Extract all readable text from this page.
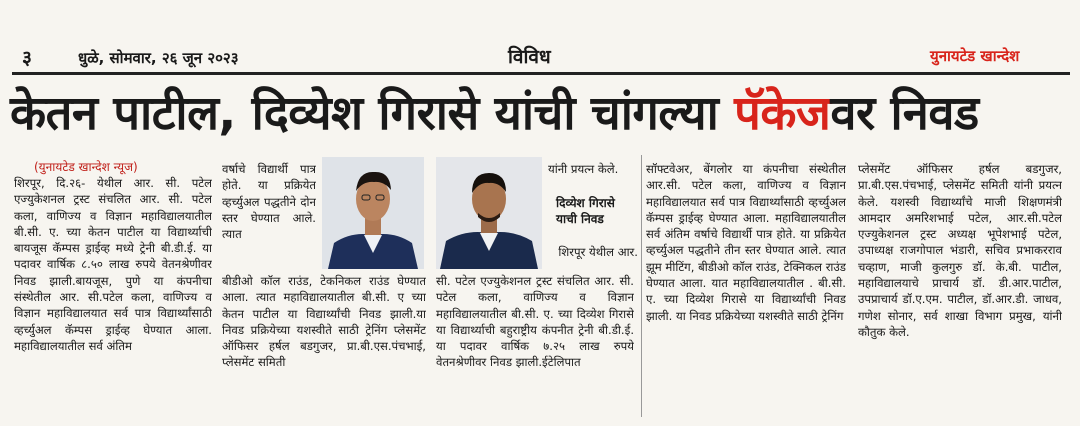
३	धुळे, सोमवार, २६ जून २०२३	विविध	युनायटेड खान्देश
केतन पाटील, दिव्येश गिरासे यांची चांगल्या पॅकेजवर निवड
(युनायटेड खान्देश न्यूज)
शिरपूर, दि.२६- येथील आर. सी. पटेल एज्युकेशनल ट्रस्ट संचलित आर. सी. पटेल कला, वाणिज्य व विज्ञान महाविद्यालयातील बी.सी. ए. च्या केतन पाटील या विद्यार्थ्याची बायजूस कॅम्पस ड्राईव्ह मध्ये ट्रेनी बी.डी.ई. या पदावर वार्षिक ८.५० लाख रुपये वेतनश्रेणीवर निवड झाली.बायजूस, पुणे या कंपनीचा संस्थेतील आर. सी.पटेल कला, वाणिज्य व विज्ञान महाविद्यालयात सर्व पात्र विद्यार्थ्यांसाठी व्हर्च्युअल कॅम्पस ड्राईव्ह घेण्यात आला. महाविद्यालयातील सर्व अंतिम
वर्षाचे विद्यार्थी पात्र होते. या प्रक्रियेत व्हर्च्युअल पद्धतीने दोन स्तर घेण्यात आले. त्यात
बीडीओ कॉल राउंड, टेकनिकल राउंड घेण्यात आला. त्यात महाविद्यालयातील बी.सी. ए च्या केतन पाटील या विद्यार्थ्यांची निवड झाली.या निवड प्रक्रियेच्या यशस्वीते साठी ट्रेनिंग प्लेसमेंट ऑफिसर हर्षल बडगुजर, प्रा.बी.एस.पंचभाई, प्लेसमेंट समिती
यांनी प्रयत्न केले.
दिव्येश गिरासे याची निवड
शिरपूर येथील आर.
सी. पटेल एज्युकेशनल ट्रस्ट संचलित आर. सी. पटेल कला, वाणिज्य व विज्ञान महाविद्यालयातील बी.सी. ए. च्या दिव्येश गिरासे या विद्यार्थ्याची बहुराष्ट्रीय कंपनीत ट्रेनी बी.डी.ई. या पदावर वार्षिक ७.२५ लाख रुपये वेतनश्रेणीवर निवड झाली.ईटेलिपात
सॉफ्टवेअर, बेंगलोर या कंपनीचा संस्थेतील आर.सी. पटेल कला, वाणिज्य व विज्ञान महाविद्यालयात सर्व पात्र विद्यार्थ्यांसाठी व्हर्च्युअल कॅम्पस ड्राईव्ह घेण्यात आला. महाविद्यालयातील सर्व अंतिम वर्षाचे विद्यार्थी पात्र होते. या प्रक्रियेत व्हर्च्युअल पद्धतीने तीन स्तर घेण्यात आले. त्यात झूम मीटिंग, बीडीओ कॉल राउंड, टेक्निकल राउंड घेण्यात आला. यात महाविद्यालयातील . बी.सी. ए. च्या दिव्येश गिरासे या विद्यार्थ्यांची निवड झाली. या निवड प्रक्रियेच्या यशस्वीते साठी ट्रेनिंग
प्लेसमेंट ऑफिसर हर्षल बडगुजर, प्रा.बी.एस.पंचभाई, प्लेसमेंट समिती यांनी प्रयत्न केले. यशस्वी विद्यार्थ्यांचे माजी शिक्षणमंत्री आमदार अमरिशभाई पटेल, आर.सी.पटेल एज्युकेशनल ट्रस्ट अध्यक्ष भूपेशभाई पटेल, उपाध्यक्ष राजगोपाल भंडारी, सचिव प्रभाकरराव चव्हाण, माजी कुलगुरु डॉ. के.बी. पाटील, महाविद्यालयाचे प्राचार्य डॉ. डी.आर.पाटील, उपप्राचार्य डॉ.ए.एम. पाटील, डॉ.आर.डी. जाधव, गणेश सोनार, सर्व शाखा विभाग प्रमुख, यांनी कौतुक केले.
